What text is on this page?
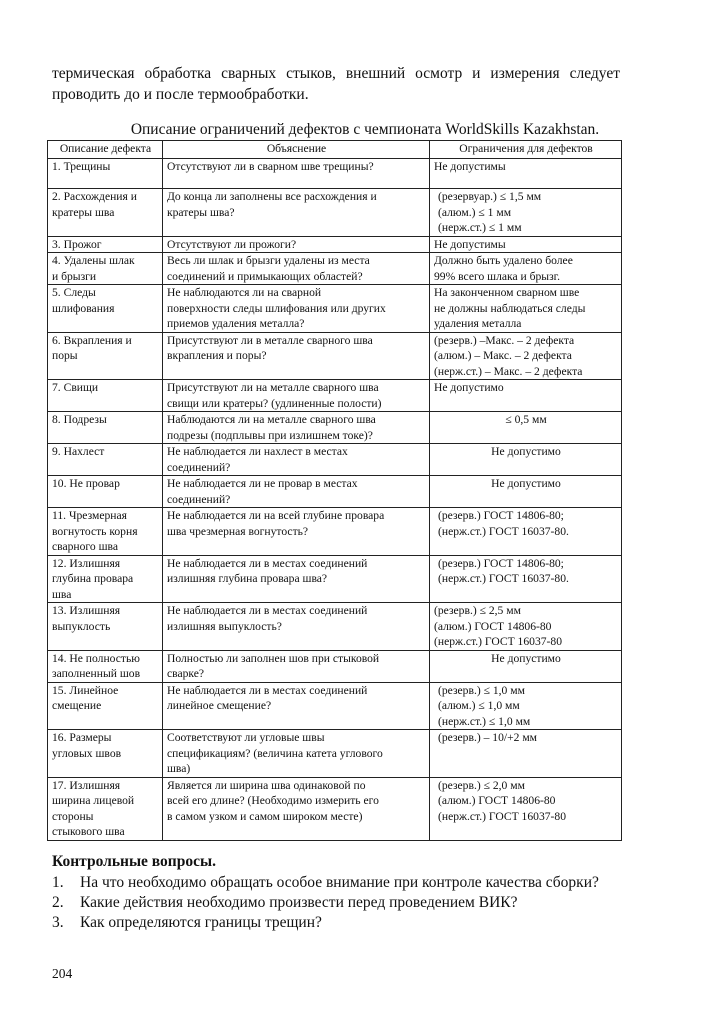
термическая обработка сварных стыков, внешний осмотр и измерения следует проводить до и после термообработки.

Описание ограничений дефектов с чемпионата WorldSkills Kazakhstan.
Описание дефекта	Объяснение	Ограничения для дефектов
1. Трещины	Отсутствуют ли в сварном шве трещины?	Не допустимы
2. Расхождения и
кратеры шва	До конца ли заполнены все расхождения и
кратеры шва?	(резервуар.) ≤ 1,5 мм
(алюм.) ≤ 1 мм
(нерж.ст.) ≤ 1 мм
3. Прожог	Отсутствуют ли прожоги?	Не допустимы
4. Удалены шлак
и брызги	Весь ли шлак и брызги удалены из места
соединений и примыкающих областей?	Должно быть удалено более
99% всего шлака и брызг.
5. Следы
шлифования	Не наблюдаются ли на сварной
поверхности следы шлифования или других
приемов удаления металла?	На законченном сварном шве
не должны наблюдаться следы
удаления металла
6. Вкрапления и
поры	Присутствуют ли в металле сварного шва
вкрапления и поры?	(резерв.) –Макс. – 2 дефекта
(алюм.) – Макс. – 2 дефекта
(нерж.ст.) – Макс. – 2 дефекта
7. Свищи	Присутствуют ли на металле сварного шва
свищи или кратеры? (удлиненные полости)	Не допустимо
8. Подрезы	Наблюдаются ли на металле сварного шва
подрезы (подплывы при излишнем токе)?	≤ 0,5 мм
9. Нахлест	Не наблюдается ли нахлест в местах
соединений?	Не допустимо
10. Не провар	Не наблюдается ли не провар в местах
соединений?	Не допустимо
11. Чрезмерная
вогнутость корня
сварного шва	Не наблюдается ли на всей глубине провара
шва чрезмерная вогнутость?	(резерв.) ГОСТ 14806-80;
(нерж.ст.) ГОСТ 16037-80.
12. Излишняя
глубина провара
шва	Не наблюдается ли в местах соединений
излишняя глубина провара шва?	(резерв.) ГОСТ 14806-80;
(нерж.ст.) ГОСТ 16037-80.
13. Излишняя
выпуклость	Не наблюдается ли в местах соединений
излишняя выпуклость?	(резерв.) ≤ 2,5 мм
(алюм.) ГОСТ 14806-80
(нерж.ст.) ГОСТ 16037-80
14. Не полностью
заполненный шов	Полностью ли заполнен шов при стыковой
сварке?	Не допустимо
15. Линейное
смещение	Не наблюдается ли в местах соединений
линейное смещение?	(резерв.) ≤ 1,0 мм
(алюм.) ≤ 1,0 мм
(нерж.ст.) ≤ 1,0 мм
16. Размеры
угловых швов	Соответствуют ли угловые швы
спецификациям? (величина катета углового
шва)	(резерв.) – 10/+2 мм
17. Излишняя
ширина лицевой
стороны
стыкового шва	Является ли ширина шва одинаковой по
всей его длине? (Необходимо измерить его
в самом узком и самом широком месте)	(резерв.) ≤ 2,0 мм
(алюм.) ГОСТ 14806-80
(нерж.ст.) ГОСТ 16037-80
Контрольные вопросы.
1. На что необходимо обращать особое внимание при контроле качества сборки?
2. Какие действия необходимо произвести перед проведением ВИК?
3. Как определяются границы трещин?
204
